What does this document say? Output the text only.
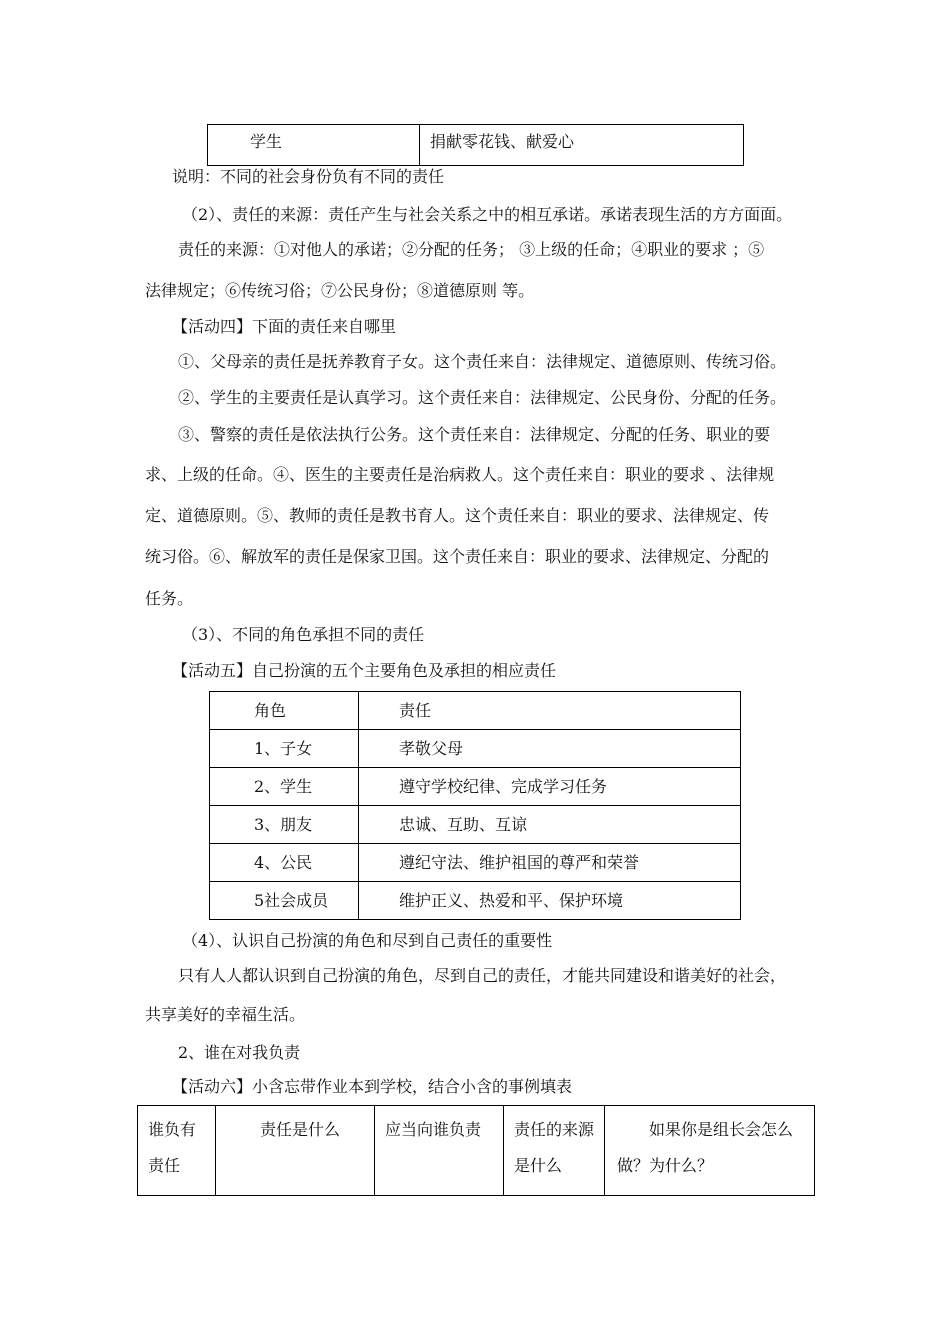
学生	捐献零花钱、献爱心
说明：不同的社会身份负有不同的责任
（2）、责任的来源：责任产生与社会关系之中的相互承诺。承诺表现生活的方方面面。
责任的来源：①对他人的承诺；②分配的任务； ③上级的任命；④职业的要求 ；⑤
法律规定；⑥传统习俗；⑦公民身份；⑧道德原则 等。
【活动四】下面的责任来自哪里
①、父母亲的责任是抚养教育子女。这个责任来自：法律规定、道德原则、传统习俗。
②、学生的主要责任是认真学习。这个责任来自：法律规定、公民身份、分配的任务。
③、警察的责任是依法执行公务。这个责任来自：法律规定、分配的任务、职业的要
求、上级的任命。④、医生的主要责任是治病救人。这个责任来自：职业的要求 、法律规
定、道德原则。⑤、教师的责任是教书育人。这个责任来自：职业的要求、法律规定、传
统习俗。⑥、解放军的责任是保家卫国。这个责任来自：职业的要求、法律规定、分配的
任务。
（3）、不同的角色承担不同的责任
【活动五】自己扮演的五个主要角色及承担的相应责任
角色	责任
1、子女	孝敬父母
2、学生	遵守学校纪律、完成学习任务
3、朋友	忠诚、互助、互谅
4、公民	遵纪守法、维护祖国的尊严和荣誉
5社会成员	维护正义、热爱和平、保护环境
（4）、认识自己扮演的角色和尽到自己责任的重要性
只有人人都认识到自己扮演的角色，尽到自己的责任，才能共同建设和谐美好的社会，
共享美好的幸福生活。
2、谁在对我负责
【活动六】小含忘带作业本到学校，结合小含的事例填表
谁负有责任	责任是什么	应当向谁负责	责任的来源是什么	如果你是组长会怎么做？为什么？
